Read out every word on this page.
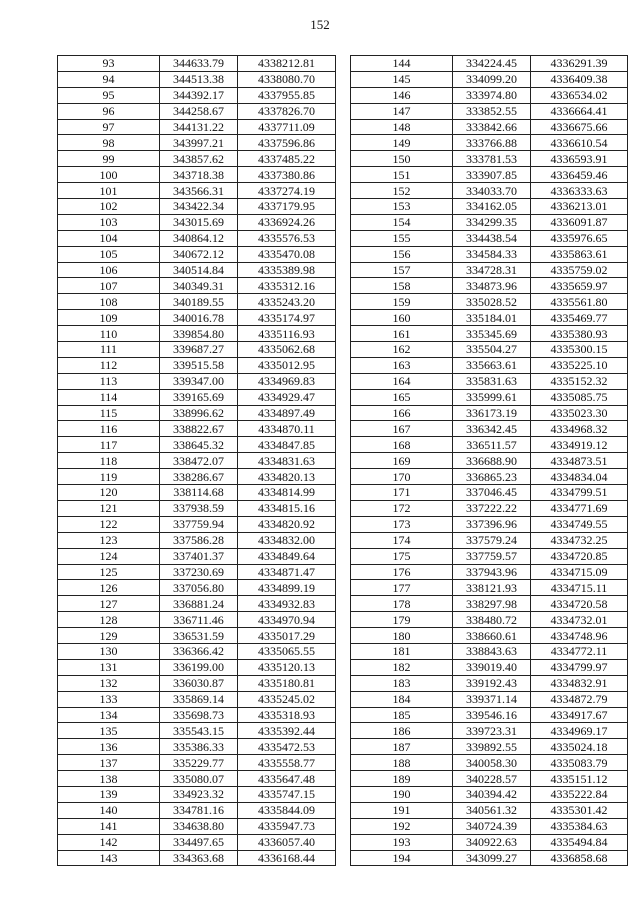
152
93	344633.79	4338212.81
94	344513.38	4338080.70
95	344392.17	4337955.85
96	344258.67	4337826.70
97	344131.22	4337711.09
98	343997.21	4337596.86
99	343857.62	4337485.22
100	343718.38	4337380.86
101	343566.31	4337274.19
102	343422.34	4337179.95
103	343015.69	4336924.26
104	340864.12	4335576.53
105	340672.12	4335470.08
106	340514.84	4335389.98
107	340349.31	4335312.16
108	340189.55	4335243.20
109	340016.78	4335174.97
110	339854.80	4335116.93
111	339687.27	4335062.68
112	339515.58	4335012.95
113	339347.00	4334969.83
114	339165.69	4334929.47
115	338996.62	4334897.49
116	338822.67	4334870.11
117	338645.32	4334847.85
118	338472.07	4334831.63
119	338286.67	4334820.13
120	338114.68	4334814.99
121	337938.59	4334815.16
122	337759.94	4334820.92
123	337586.28	4334832.00
124	337401.37	4334849.64
125	337230.69	4334871.47
126	337056.80	4334899.19
127	336881.24	4334932.83
128	336711.46	4334970.94
129	336531.59	4335017.29
130	336366.42	4335065.55
131	336199.00	4335120.13
132	336030.87	4335180.81
133	335869.14	4335245.02
134	335698.73	4335318.93
135	335543.15	4335392.44
136	335386.33	4335472.53
137	335229.77	4335558.77
138	335080.07	4335647.48
139	334923.32	4335747.15
140	334781.16	4335844.09
141	334638.80	4335947.73
142	334497.65	4336057.40
143	334363.68	4336168.44
144	334224.45	4336291.39
145	334099.20	4336409.38
146	333974.80	4336534.02
147	333852.55	4336664.41
148	333842.66	4336675.66
149	333766.88	4336610.54
150	333781.53	4336593.91
151	333907.85	4336459.46
152	334033.70	4336333.63
153	334162.05	4336213.01
154	334299.35	4336091.87
155	334438.54	4335976.65
156	334584.33	4335863.61
157	334728.31	4335759.02
158	334873.96	4335659.97
159	335028.52	4335561.80
160	335184.01	4335469.77
161	335345.69	4335380.93
162	335504.27	4335300.15
163	335663.61	4335225.10
164	335831.63	4335152.32
165	335999.61	4335085.75
166	336173.19	4335023.30
167	336342.45	4334968.32
168	336511.57	4334919.12
169	336688.90	4334873.51
170	336865.23	4334834.04
171	337046.45	4334799.51
172	337222.22	4334771.69
173	337396.96	4334749.55
174	337579.24	4334732.25
175	337759.57	4334720.85
176	337943.96	4334715.09
177	338121.93	4334715.11
178	338297.98	4334720.58
179	338480.72	4334732.01
180	338660.61	4334748.96
181	338843.63	4334772.11
182	339019.40	4334799.97
183	339192.43	4334832.91
184	339371.14	4334872.79
185	339546.16	4334917.67
186	339723.31	4334969.17
187	339892.55	4335024.18
188	340058.30	4335083.79
189	340228.57	4335151.12
190	340394.42	4335222.84
191	340561.32	4335301.42
192	340724.39	4335384.63
193	340922.63	4335494.84
194	343099.27	4336858.68
